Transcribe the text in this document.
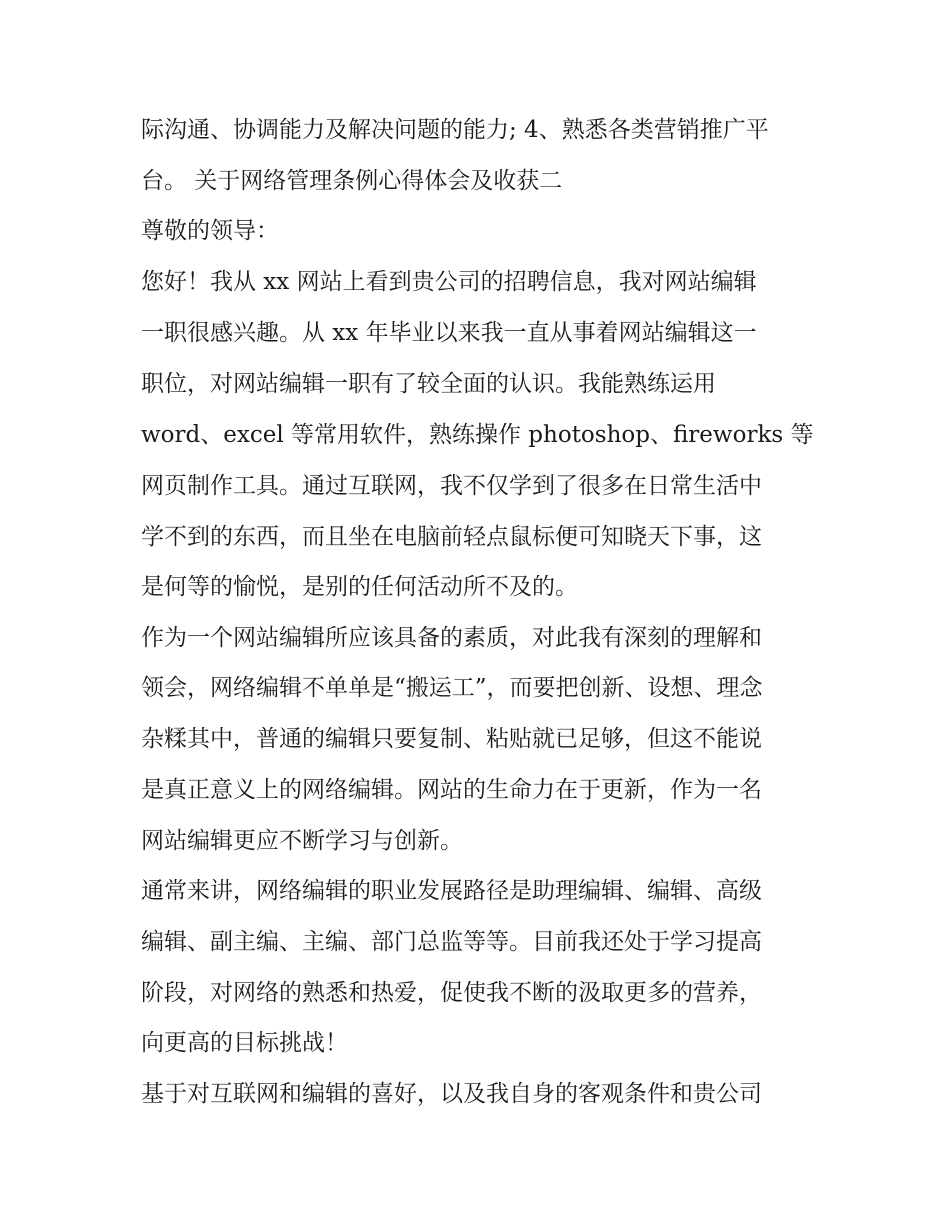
际沟通、协调能力及解决问题的能力; 4、熟悉各类营销推广平
台。 关于网络管理条例心得体会及收获二
尊敬的领导：
您好！我从 xx 网站上看到贵公司的招聘信息，我对网站编辑
一职很感兴趣。从 xx 年毕业以来我一直从事着网站编辑这一
职位，对网站编辑一职有了较全面的认识。我能熟练运用
word、excel 等常用软件，熟练操作 photoshop、fireworks 等
网页制作工具。通过互联网，我不仅学到了很多在日常生活中
学不到的东西，而且坐在电脑前轻点鼠标便可知晓天下事，这
是何等的愉悦，是别的任何活动所不及的。
作为一个网站编辑所应该具备的素质，对此我有深刻的理解和
领会，网络编辑不单单是“搬运工”，而要把创新、设想、理念
杂糅其中，普通的编辑只要复制、粘贴就已足够，但这不能说
是真正意义上的网络编辑。网站的生命力在于更新，作为一名
网站编辑更应不断学习与创新。
通常来讲，网络编辑的职业发展路径是助理编辑、编辑、高级
编辑、副主编、主编、部门总监等等。目前我还处于学习提高
阶段，对网络的熟悉和热爱，促使我不断的汲取更多的营养，
向更高的目标挑战！
基于对互联网和编辑的喜好，以及我自身的客观条件和贵公司
